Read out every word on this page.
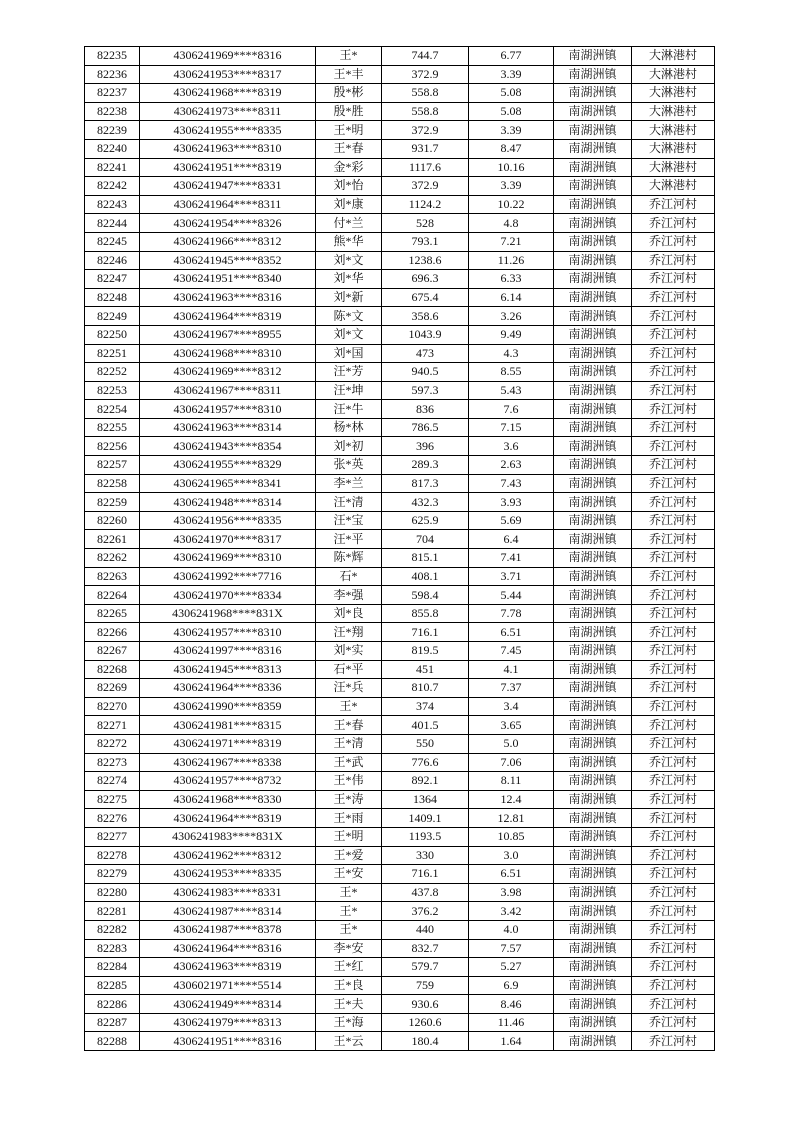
82235	4306241969****8316	王*	744.7	6.77	南湖洲镇	大淋港村
82236	4306241953****8317	王*丰	372.9	3.39	南湖洲镇	大淋港村
82237	4306241968****8319	殷*彬	558.8	5.08	南湖洲镇	大淋港村
82238	4306241973****8311	殷*胜	558.8	5.08	南湖洲镇	大淋港村
82239	4306241955****8335	王*明	372.9	3.39	南湖洲镇	大淋港村
82240	4306241963****8310	王*春	931.7	8.47	南湖洲镇	大淋港村
82241	4306241951****8319	金*彩	1117.6	10.16	南湖洲镇	大淋港村
82242	4306241947****8331	刘*怡	372.9	3.39	南湖洲镇	大淋港村
82243	4306241964****8311	刘*康	1124.2	10.22	南湖洲镇	乔江河村
82244	4306241954****8326	付*兰	528	4.8	南湖洲镇	乔江河村
82245	4306241966****8312	熊*华	793.1	7.21	南湖洲镇	乔江河村
82246	4306241945****8352	刘*文	1238.6	11.26	南湖洲镇	乔江河村
82247	4306241951****8340	刘*华	696.3	6.33	南湖洲镇	乔江河村
82248	4306241963****8316	刘*新	675.4	6.14	南湖洲镇	乔江河村
82249	4306241964****8319	陈*文	358.6	3.26	南湖洲镇	乔江河村
82250	4306241967****8955	刘*文	1043.9	9.49	南湖洲镇	乔江河村
82251	4306241968****8310	刘*国	473	4.3	南湖洲镇	乔江河村
82252	4306241969****8312	汪*芳	940.5	8.55	南湖洲镇	乔江河村
82253	4306241967****8311	汪*坤	597.3	5.43	南湖洲镇	乔江河村
82254	4306241957****8310	汪*牛	836	7.6	南湖洲镇	乔江河村
82255	4306241963****8314	杨*林	786.5	7.15	南湖洲镇	乔江河村
82256	4306241943****8354	刘*初	396	3.6	南湖洲镇	乔江河村
82257	4306241955****8329	张*英	289.3	2.63	南湖洲镇	乔江河村
82258	4306241965****8341	李*兰	817.3	7.43	南湖洲镇	乔江河村
82259	4306241948****8314	汪*清	432.3	3.93	南湖洲镇	乔江河村
82260	4306241956****8335	汪*宝	625.9	5.69	南湖洲镇	乔江河村
82261	4306241970****8317	汪*平	704	6.4	南湖洲镇	乔江河村
82262	4306241969****8310	陈*辉	815.1	7.41	南湖洲镇	乔江河村
82263	4306241992****7716	石*	408.1	3.71	南湖洲镇	乔江河村
82264	4306241970****8334	李*强	598.4	5.44	南湖洲镇	乔江河村
82265	4306241968****831X	刘*良	855.8	7.78	南湖洲镇	乔江河村
82266	4306241957****8310	汪*翔	716.1	6.51	南湖洲镇	乔江河村
82267	4306241997****8316	刘*实	819.5	7.45	南湖洲镇	乔江河村
82268	4306241945****8313	石*平	451	4.1	南湖洲镇	乔江河村
82269	4306241964****8336	汪*兵	810.7	7.37	南湖洲镇	乔江河村
82270	4306241990****8359	王*	374	3.4	南湖洲镇	乔江河村
82271	4306241981****8315	王*春	401.5	3.65	南湖洲镇	乔江河村
82272	4306241971****8319	王*清	550	5.0	南湖洲镇	乔江河村
82273	4306241967****8338	王*武	776.6	7.06	南湖洲镇	乔江河村
82274	4306241957****8732	王*伟	892.1	8.11	南湖洲镇	乔江河村
82275	4306241968****8330	王*涛	1364	12.4	南湖洲镇	乔江河村
82276	4306241964****8319	王*雨	1409.1	12.81	南湖洲镇	乔江河村
82277	4306241983****831X	王*明	1193.5	10.85	南湖洲镇	乔江河村
82278	4306241962****8312	王*爱	330	3.0	南湖洲镇	乔江河村
82279	4306241953****8335	王*安	716.1	6.51	南湖洲镇	乔江河村
82280	4306241983****8331	王*	437.8	3.98	南湖洲镇	乔江河村
82281	4306241987****8314	王*	376.2	3.42	南湖洲镇	乔江河村
82282	4306241987****8378	王*	440	4.0	南湖洲镇	乔江河村
82283	4306241964****8316	李*安	832.7	7.57	南湖洲镇	乔江河村
82284	4306241963****8319	王*红	579.7	5.27	南湖洲镇	乔江河村
82285	4306021971****5514	王*良	759	6.9	南湖洲镇	乔江河村
82286	4306241949****8314	王*夫	930.6	8.46	南湖洲镇	乔江河村
82287	4306241979****8313	王*海	1260.6	11.46	南湖洲镇	乔江河村
82288	4306241951****8316	王*云	180.4	1.64	南湖洲镇	乔江河村
